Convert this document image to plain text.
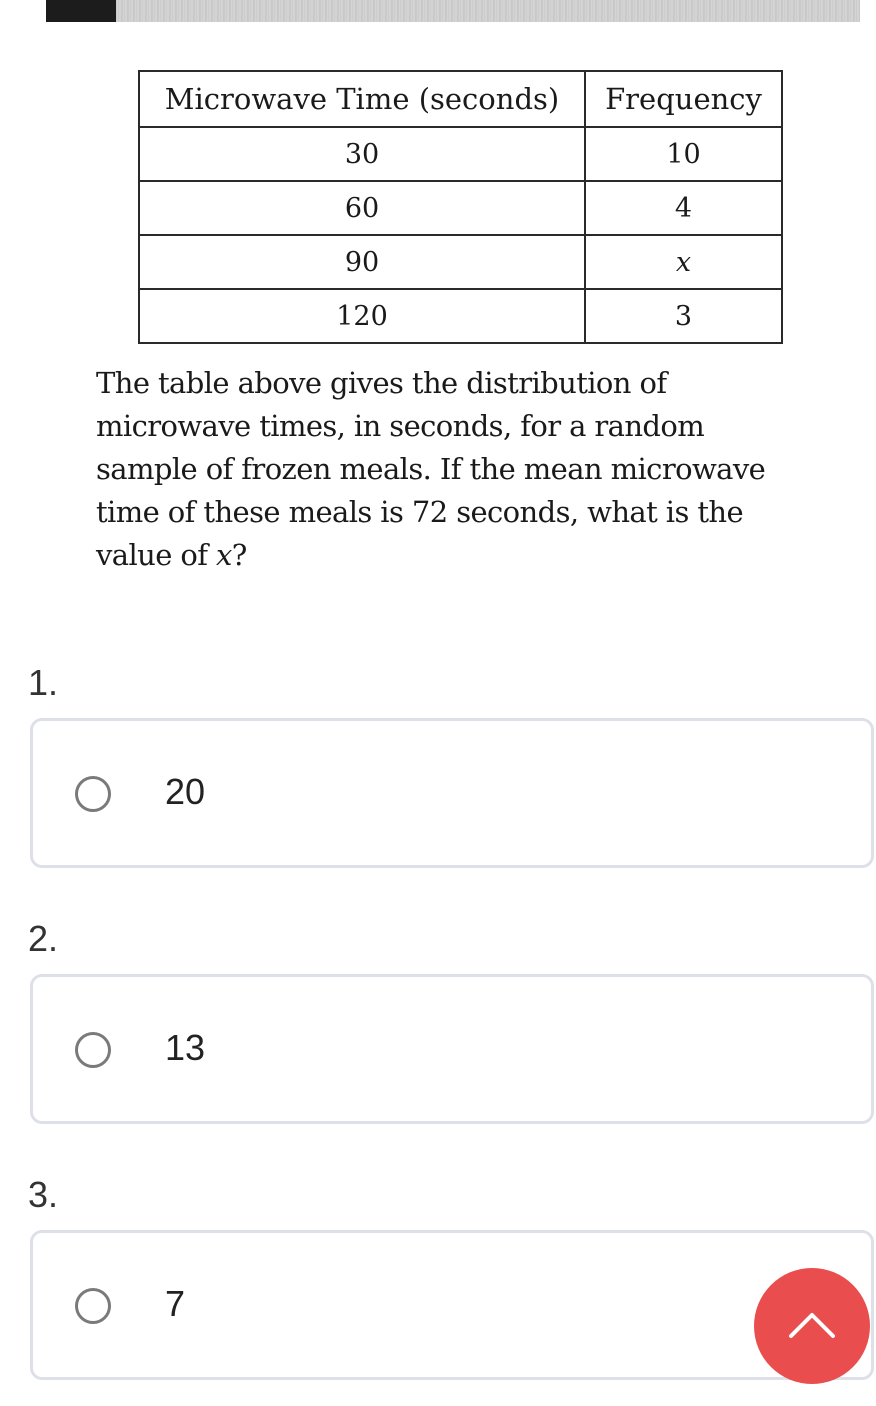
Microwave Time (seconds)	Frequency
30	10
60	4
90	x
120	3
The table above gives the distribution of
microwave times, in seconds, for a random
sample of frozen meals. If the mean microwave
time of these meals is 72 seconds, what is the
value of x?
1.
20
2.
13
3.
7
